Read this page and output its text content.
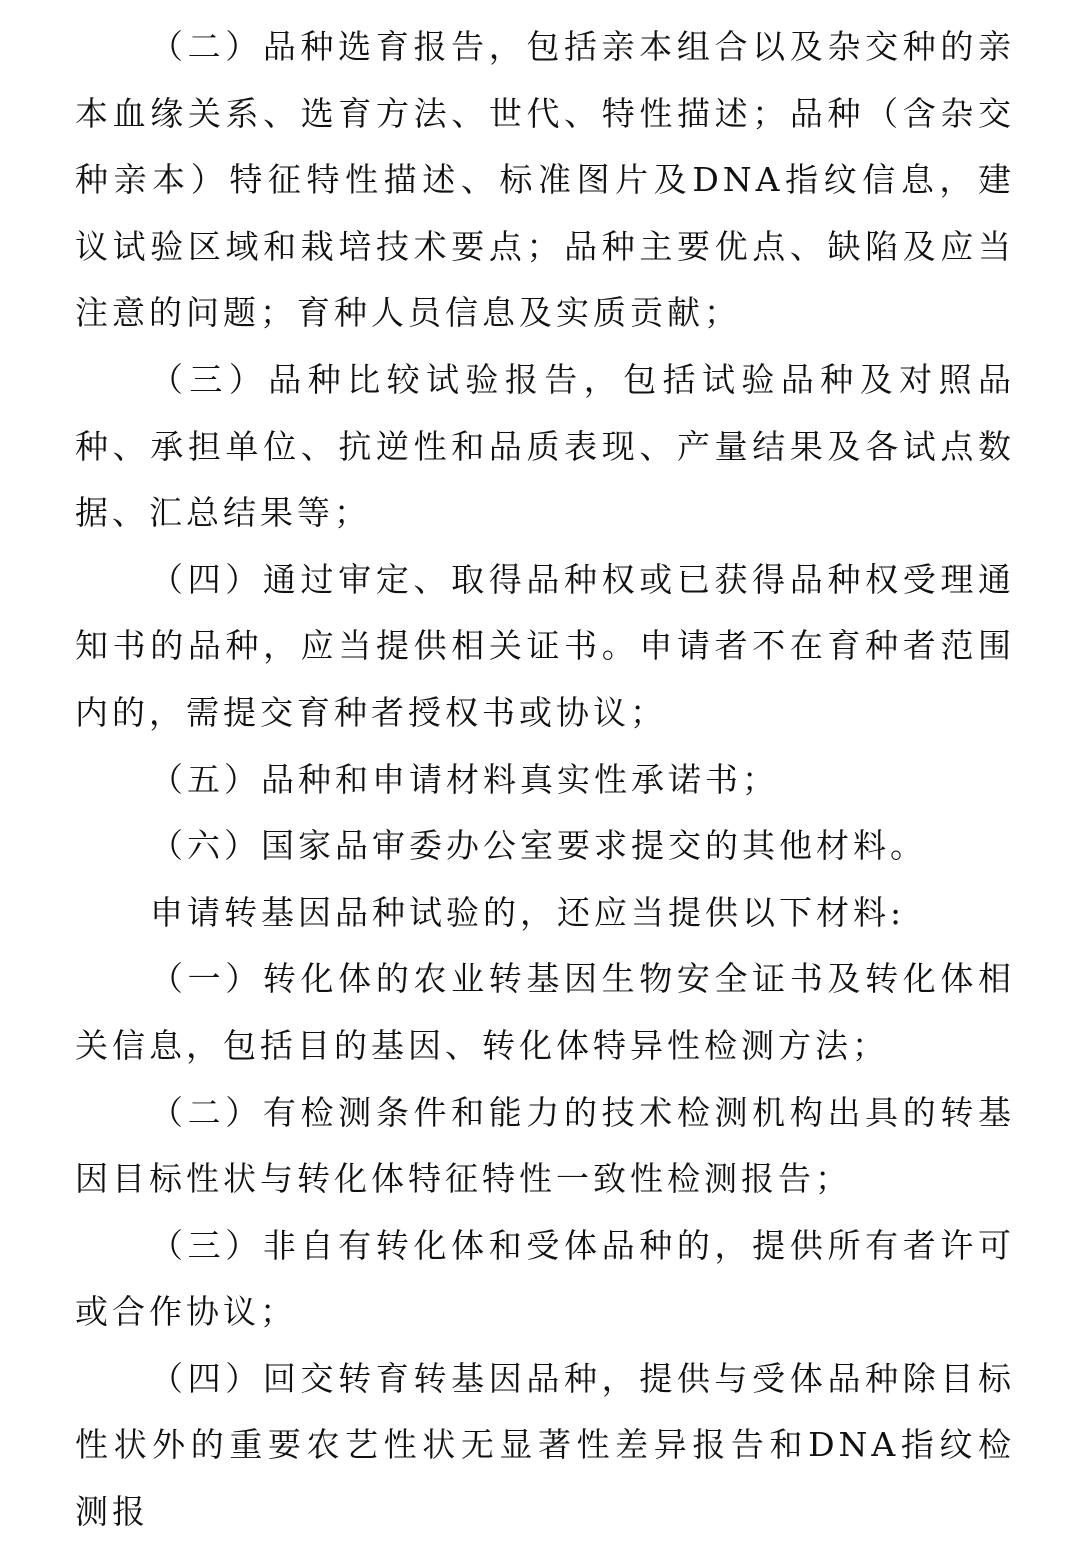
（二）品种选育报告，包括亲本组合以及杂交种的亲本血缘关系、选育方法、世代、特性描述；品种（含杂交种亲本）特征特性描述、标准图片及DNA指纹信息，建议试验区域和栽培技术要点；品种主要优点、缺陷及应当注意的问题；育种人员信息及实质贡献；

（三）品种比较试验报告，包括试验品种及对照品种、承担单位、抗逆性和品质表现、产量结果及各试点数据、汇总结果等；

（四）通过审定、取得品种权或已获得品种权受理通知书的品种，应当提供相关证书。申请者不在育种者范围内的，需提交育种者授权书或协议；

（五）品种和申请材料真实性承诺书；

（六）国家品审委办公室要求提交的其他材料。

申请转基因品种试验的，还应当提供以下材料:

（一）转化体的农业转基因生物安全证书及转化体相关信息，包括目的基因、转化体特异性检测方法；

（二）有检测条件和能力的技术检测机构出具的转基因目标性状与转化体特征特性一致性检测报告；

（三）非自有转化体和受体品种的，提供所有者许可或合作协议；

（四）回交转育转基因品种，提供与受体品种除目标性状外的重要农艺性状无显著性差异报告和DNA指纹检测报
